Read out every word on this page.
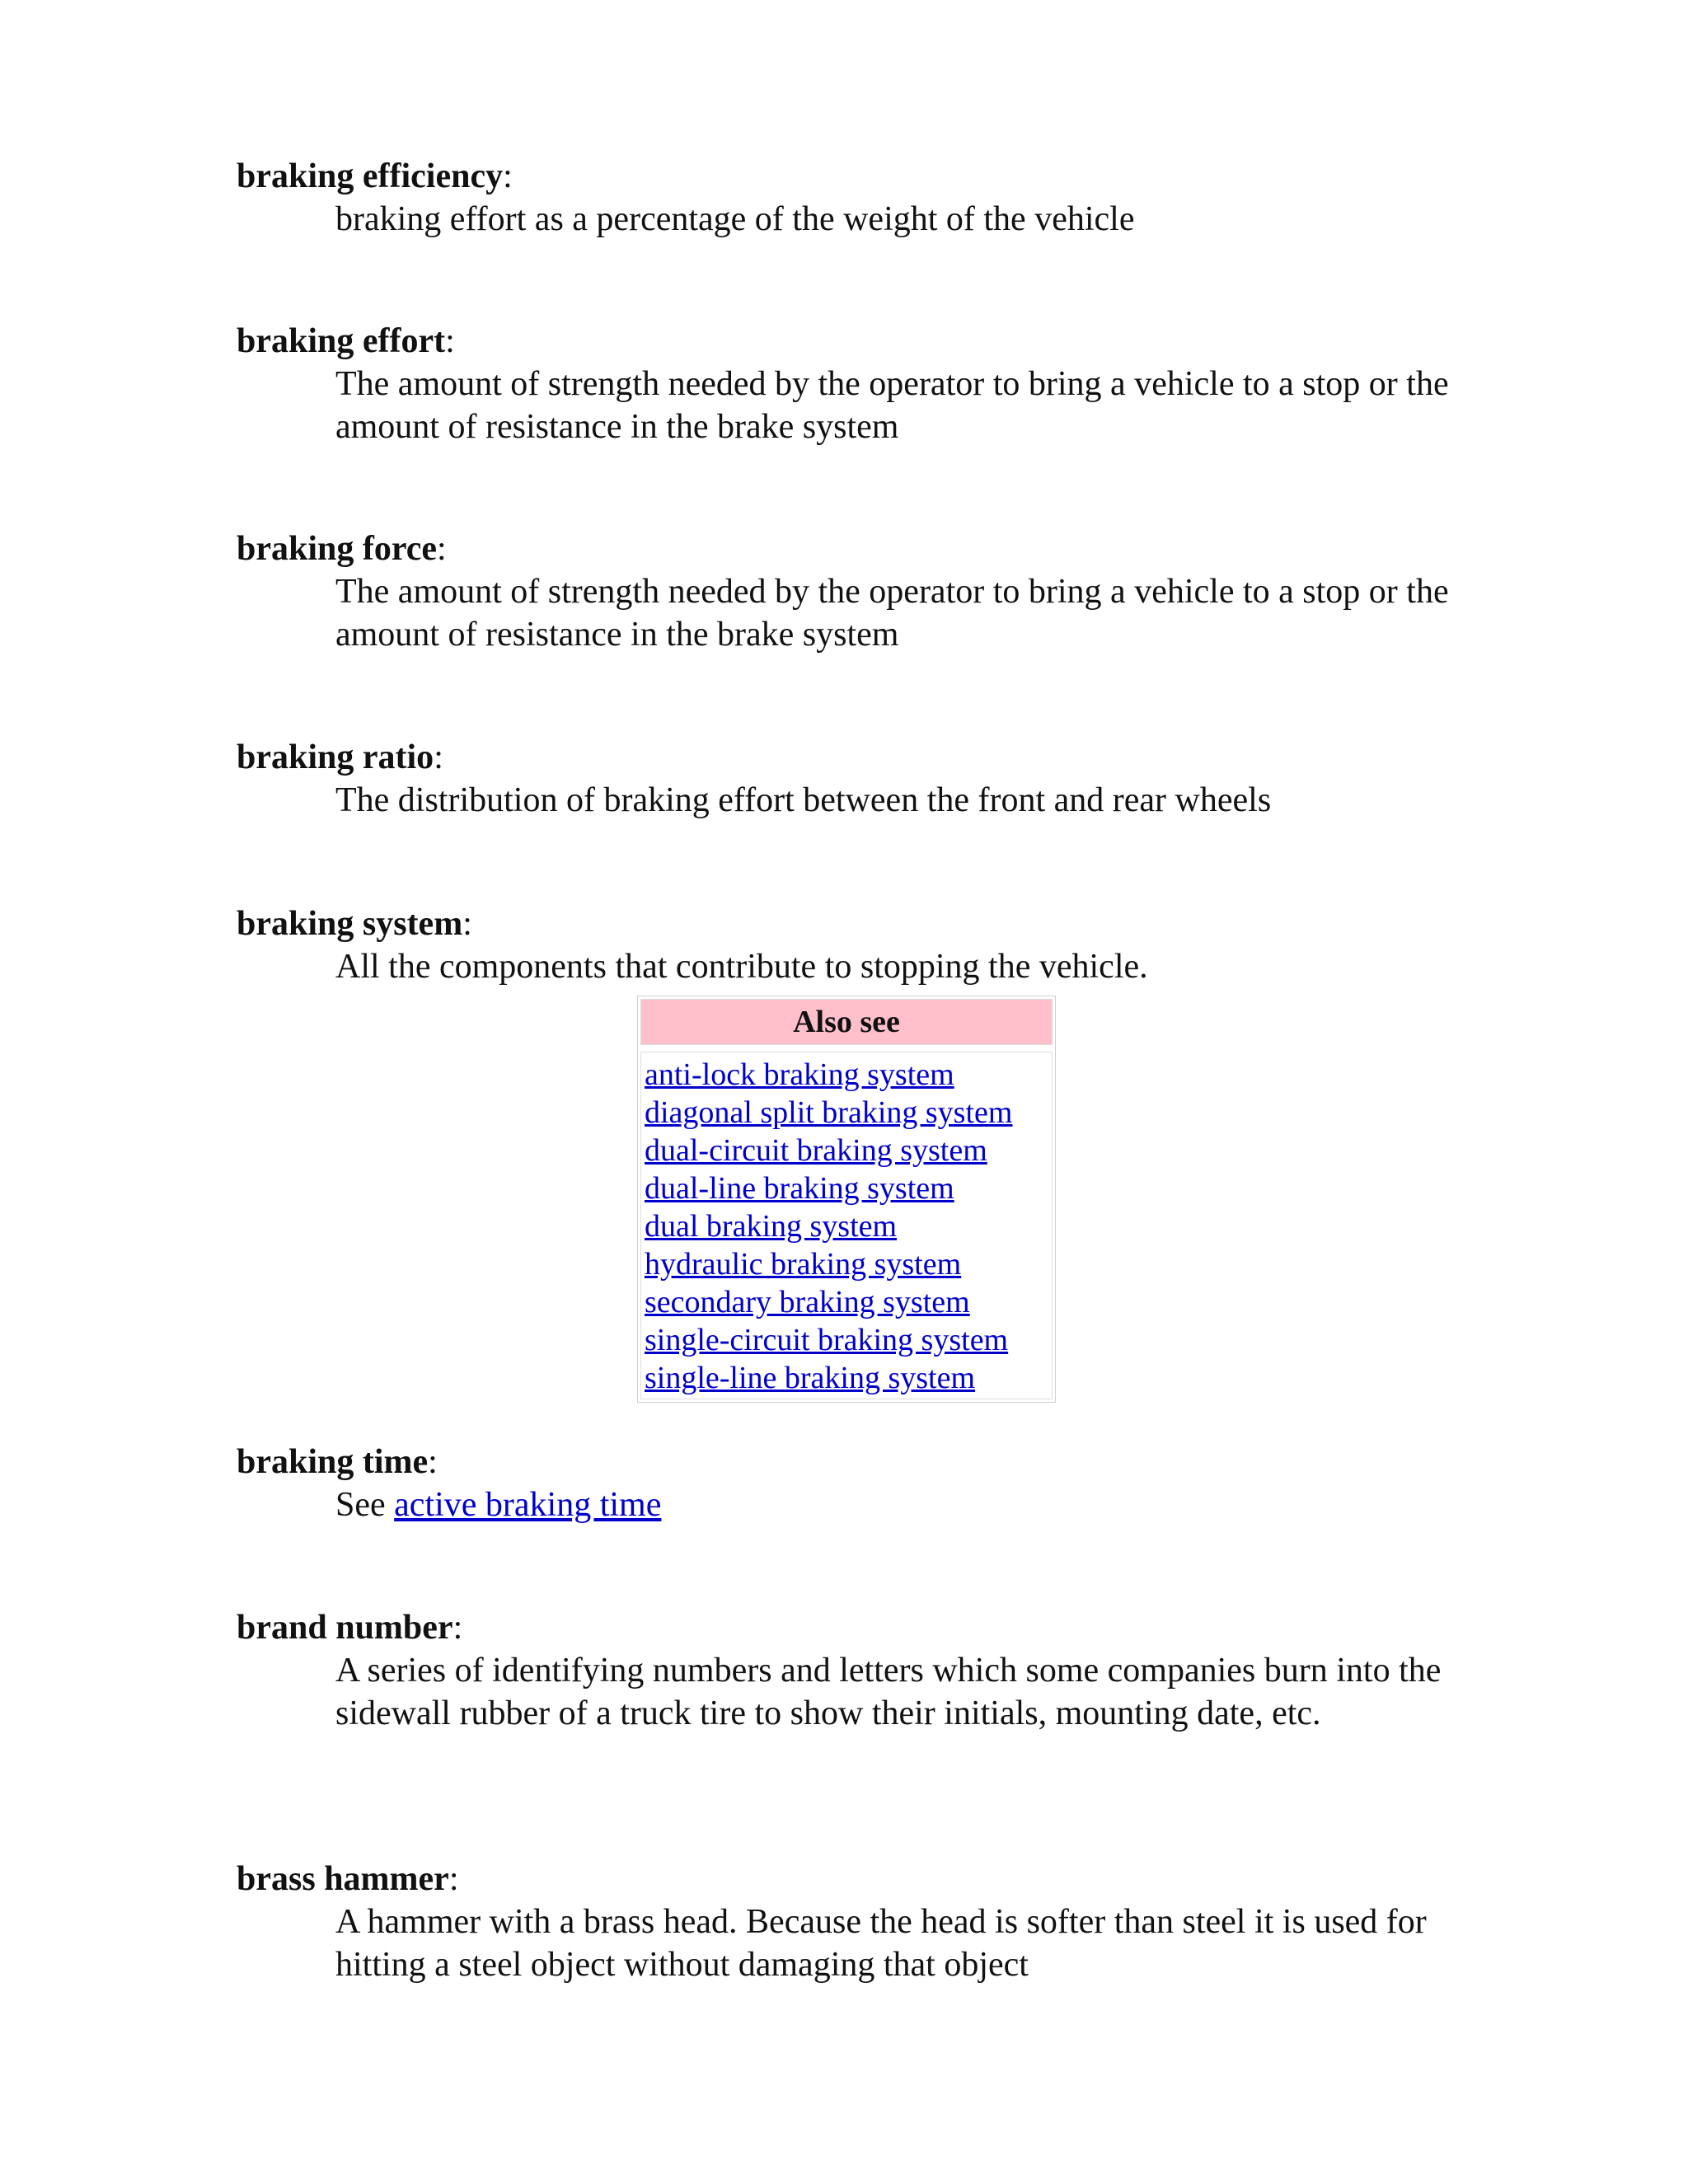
braking efficiency:

braking effort as a percentage of the weight of the vehicle

braking effort:

The amount of strength needed by the operator to bring a vehicle to a stop or the amount of resistance in the brake system

braking force:

The amount of strength needed by the operator to bring a vehicle to a stop or the amount of resistance in the brake system

braking ratio:

The distribution of braking effort between the front and rear wheels

braking system:

All the components that contribute to stopping the vehicle.

Also see
anti-lock braking system
diagonal split braking system
dual-circuit braking system
dual-line braking system
dual braking system
hydraulic braking system
secondary braking system
single-circuit braking system
single-line braking system

braking time:

See active braking time

brand number:

A series of identifying numbers and letters which some companies burn into the sidewall rubber of a truck tire to show their initials, mounting date, etc.

brass hammer:

A hammer with a brass head. Because the head is softer than steel it is used for hitting a steel object without damaging that object
